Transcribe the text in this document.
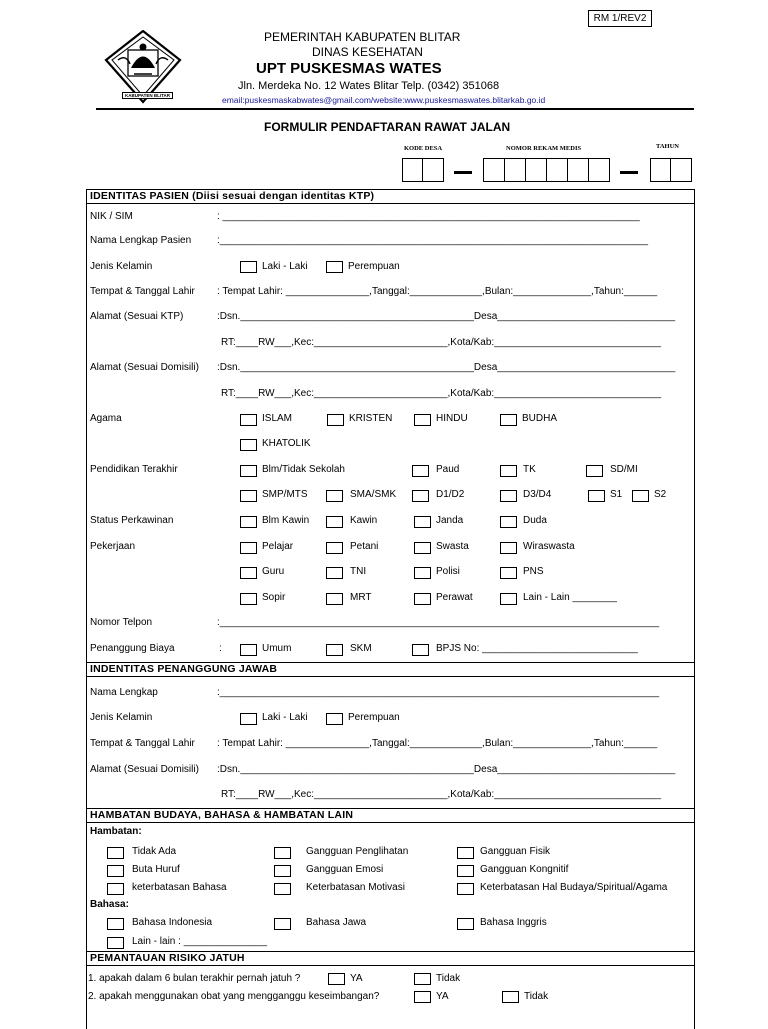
RM 1/REV2
KABUPATEN BLITAR
PEMERINTAH KABUPATEN BLITAR
DINAS KESEHATAN
UPT PUSKESMAS WATES
Jln. Merdeka No. 12 Wates Blitar Telp. (0342) 351068
email:puskesmaskabwates@gmail.com/website:www.puskesmaswates.blitarkab.go.id
FORMULIR PENDAFTARAN RAWAT JALAN
KODE DESA	NOMOR REKAM MEDIS	TAHUN
IDENTITAS PASIEN (Diisi sesuai dengan identitas KTP)
NIK / SIM	: ___________________________________________________________________________
Nama Lengkap Pasien	:_____________________________________________________________________________
Jenis Kelamin	Laki - Laki	Perempuan
Tempat & Tanggal Lahir : Tempat Lahir: _______________,Tanggal:_____________,Bulan:______________,Tahun:______
Alamat (Sesuai KTP)	:Dsn.__________________________________________Desa________________________________
RT:____RW___,Kec:________________________,Kota/Kab:______________________________
Alamat (Sesuai Domisili) :Dsn.__________________________________________Desa________________________________
RT:____RW___,Kec:________________________,Kota/Kab:______________________________
Agama	ISLAM	KRISTEN	HINDU	BUDHA
KHATOLIK
Pendidikan Terakhir	Blm/Tidak Sekolah	Paud	TK	SD/MI
SMP/MTS	SMA/SMK	D1/D2	D3/D4	S1	S2
Status Perkawinan	Blm Kawin	Kawin	Janda	Duda
Pekerjaan	Pelajar	Petani	Swasta	Wiraswasta
Guru	TNI	Polisi	PNS
Sopir	MRT	Perawat	Lain - Lain ________
Nomor Telpon	:_______________________________________________________________________________
Penanggung Biaya	:	Umum	SKM	BPJS No: ____________________________
INDENTITAS PENANGGUNG JAWAB
Nama Lengkap	:_______________________________________________________________________________
Jenis Kelamin	Laki - Laki	Perempuan
Tempat & Tanggal Lahir : Tempat Lahir: _______________,Tanggal:_____________,Bulan:______________,Tahun:______
Alamat (Sesuai Domisili) :Dsn.__________________________________________Desa________________________________
RT:____RW___,Kec:________________________,Kota/Kab:______________________________
HAMBATAN BUDAYA, BAHASA & HAMBATAN LAIN
Hambatan:
Tidak Ada	Gangguan Penglihatan	Gangguan Fisik
Buta Huruf	Gangguan Emosi	Gangguan Kongnitif
keterbatasan Bahasa	Keterbatasan Motivasi	Keterbatasan Hal Budaya/Spiritual/Agama
Bahasa:
Bahasa Indonesia	Bahasa Jawa	Bahasa Inggris
Lain - lain : _______________
PEMANTAUAN RISIKO JATUH
1. apakah dalam 6 bulan terakhir pernah jatuh ?	YA	Tidak
2. apakah menggunakan obat yang mengganggu keseimbangan?	YA	Tidak
